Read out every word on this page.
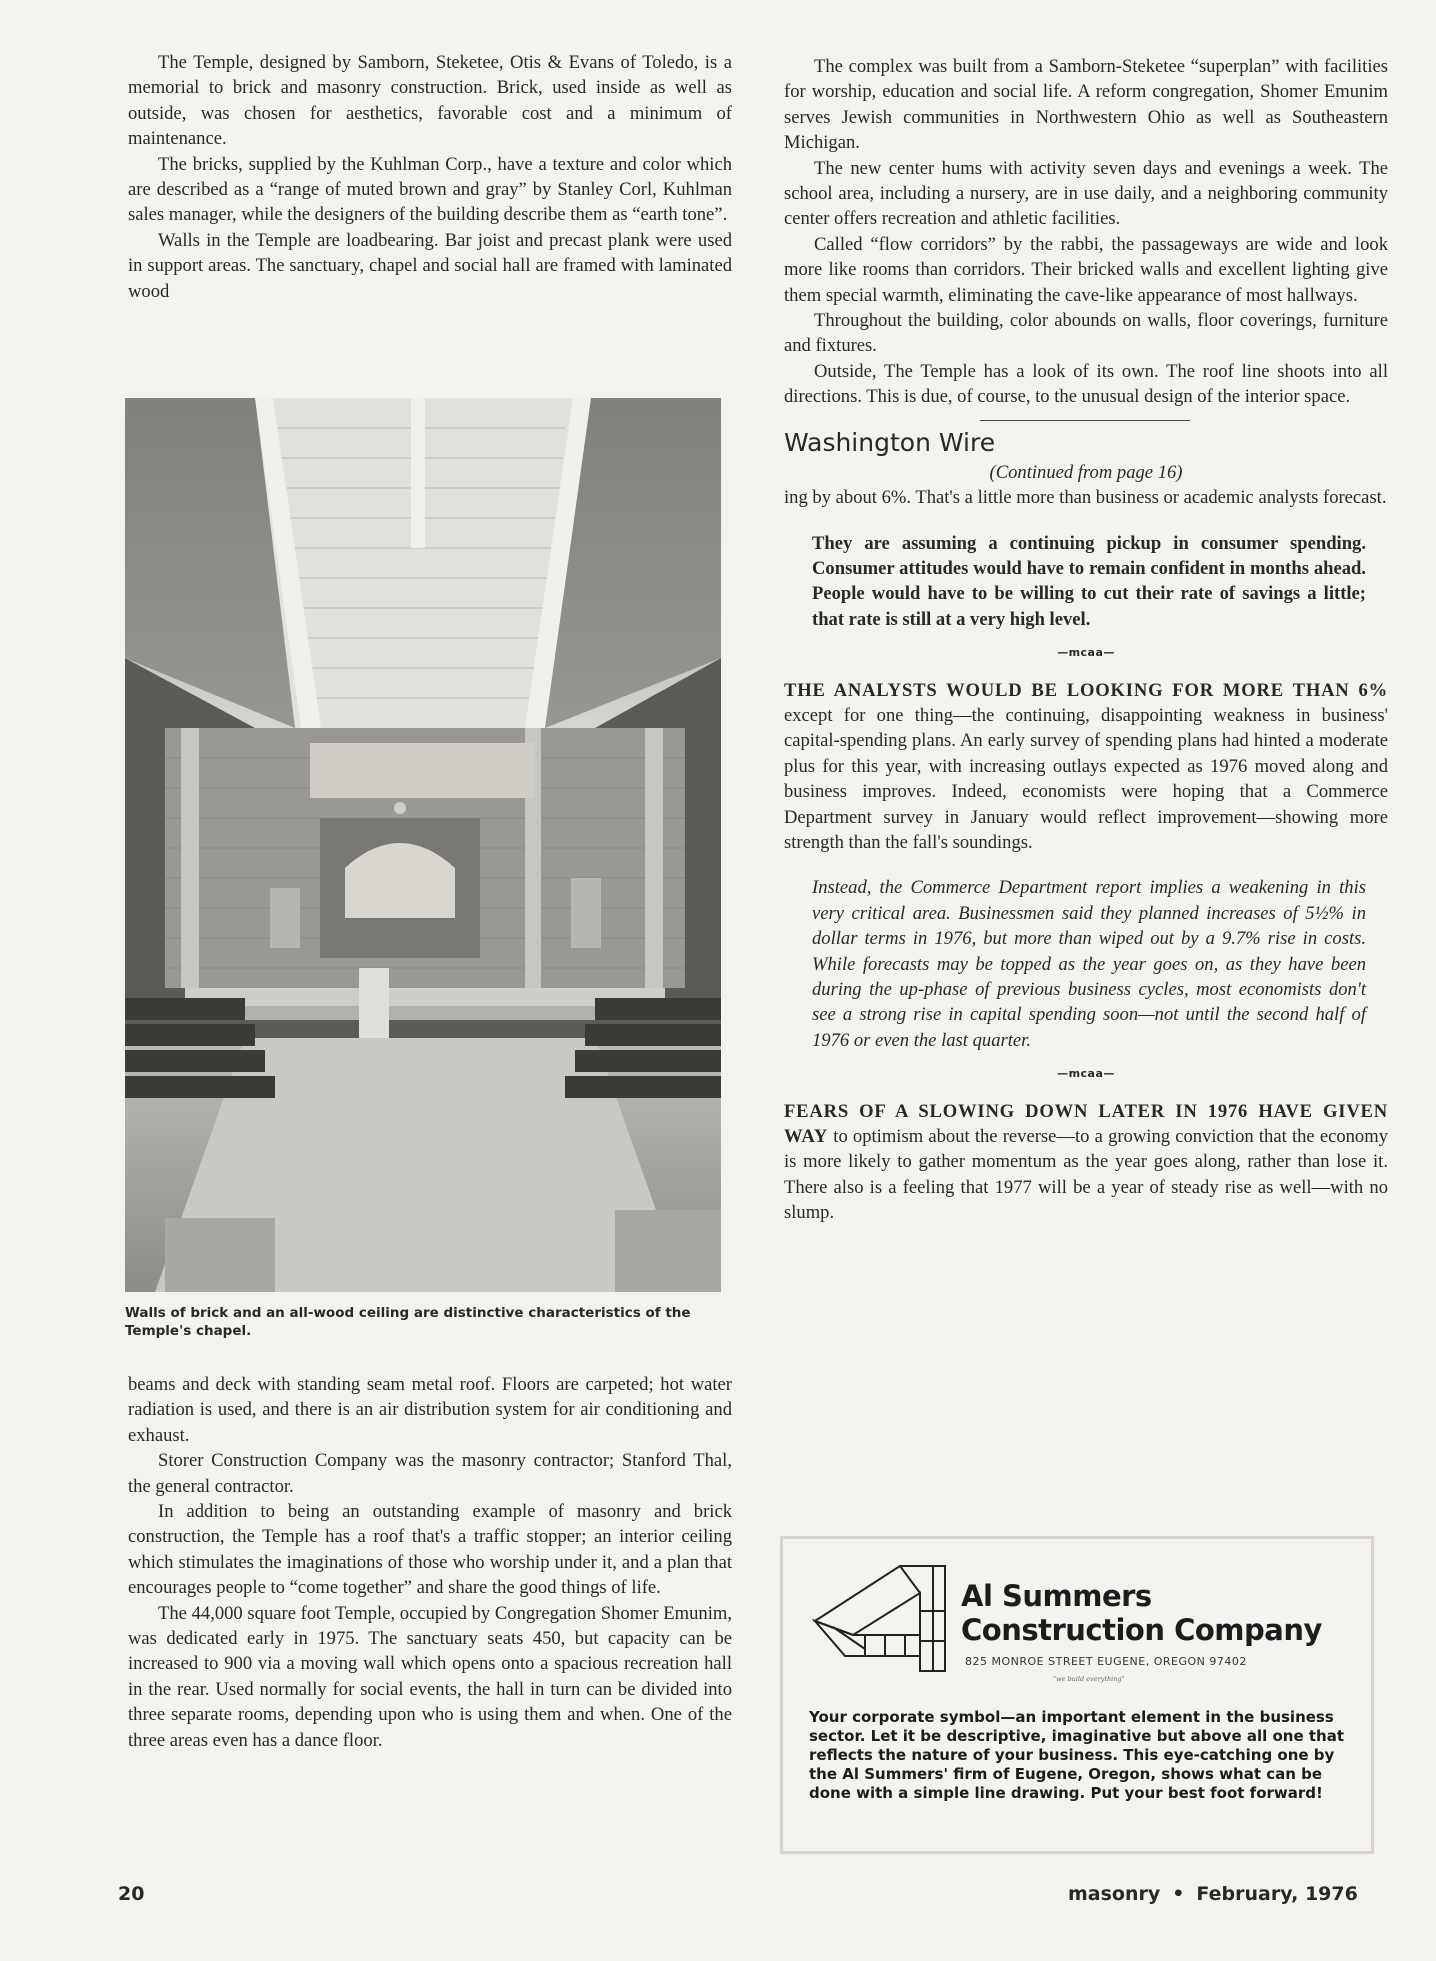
The Temple, designed by Samborn, Steketee, Otis & Evans of Toledo, is a memorial to brick and masonry construction. Brick, used inside as well as outside, was chosen for aesthetics, favorable cost and a minimum of maintenance.

The bricks, supplied by the Kuhlman Corp., have a texture and color which are described as a “range of muted brown and gray” by Stanley Corl, Kuhlman sales manager, while the designers of the building describe them as “earth tone”.

Walls in the Temple are loadbearing. Bar joist and precast plank were used in support areas. The sanctuary, chapel and social hall are framed with laminated wood

Walls of brick and an all-wood ceiling are distinctive characteristics of the Temple's chapel.

beams and deck with standing seam metal roof. Floors are carpeted; hot water radiation is used, and there is an air distribution system for air conditioning and exhaust.

Storer Construction Company was the masonry contractor; Stanford Thal, the general contractor.

In addition to being an outstanding example of masonry and brick construction, the Temple has a roof that's a traffic stopper; an interior ceiling which stimulates the imaginations of those who worship under it, and a plan that encourages people to “come together” and share the good things of life.

The 44,000 square foot Temple, occupied by Congregation Shomer Emunim, was dedicated early in 1975. The sanctuary seats 450, but capacity can be increased to 900 via a moving wall which opens onto a spacious recreation hall in the rear. Used normally for social events, the hall in turn can be divided into three separate rooms, depending upon who is using them and when. One of the three areas even has a dance floor.

The complex was built from a Samborn-Steketee “superplan” with facilities for worship, education and social life. A reform congregation, Shomer Emunim serves Jewish communities in Northwestern Ohio as well as Southeastern Michigan.

The new center hums with activity seven days and evenings a week. The school area, including a nursery, are in use daily, and a neighboring community center offers recreation and athletic facilities.

Called “flow corridors” by the rabbi, the passageways are wide and look more like rooms than corridors. Their bricked walls and excellent lighting give them special warmth, eliminating the cave-like appearance of most hallways.

Throughout the building, color abounds on walls, floor coverings, furniture and fixtures.

Outside, The Temple has a look of its own. The roof line shoots into all directions. This is due, of course, to the unusual design of the interior space.

Washington Wire

(Continued from page 16)

ing by about 6%. That's a little more than business or academic analysts forecast.

They are assuming a continuing pickup in consumer spending. Consumer attitudes would have to remain confident in months ahead. People would have to be willing to cut their rate of savings a little; that rate is still at a very high level.

—mcaa—

THE ANALYSTS WOULD BE LOOKING FOR MORE THAN 6% except for one thing—the continuing, disappointing weakness in business' capital-spending plans. An early survey of spending plans had hinted a moderate plus for this year, with increasing outlays expected as 1976 moved along and business improves. Indeed, economists were hoping that a Commerce Department survey in January would reflect improvement—showing more strength than the fall's soundings.

Instead, the Commerce Department report implies a weakening in this very critical area. Businessmen said they planned increases of 5½% in dollar terms in 1976, but more than wiped out by a 9.7% rise in costs. While forecasts may be topped as the year goes on, as they have been during the up-phase of previous business cycles, most economists don't see a strong rise in capital spending soon—not until the second half of 1976 or even the last quarter.

—mcaa—

FEARS OF A SLOWING DOWN LATER IN 1976 HAVE GIVEN WAY to optimism about the reverse—to a growing conviction that the economy is more likely to gather momentum as the year goes along, rather than lose it. There also is a feeling that 1977 will be a year of steady rise as well—with no slump.

Al Summers
Construction Company
825 MONROE STREET EUGENE, OREGON 97402
"we build everything"
Your corporate symbol—an important element in the business sector. Let it be descriptive, imaginative but above all one that reflects the nature of your business. This eye-catching one by the Al Summers' firm of Eugene, Oregon, shows what can be done with a simple line drawing. Put your best foot forward!
20	masonry • February, 1976
